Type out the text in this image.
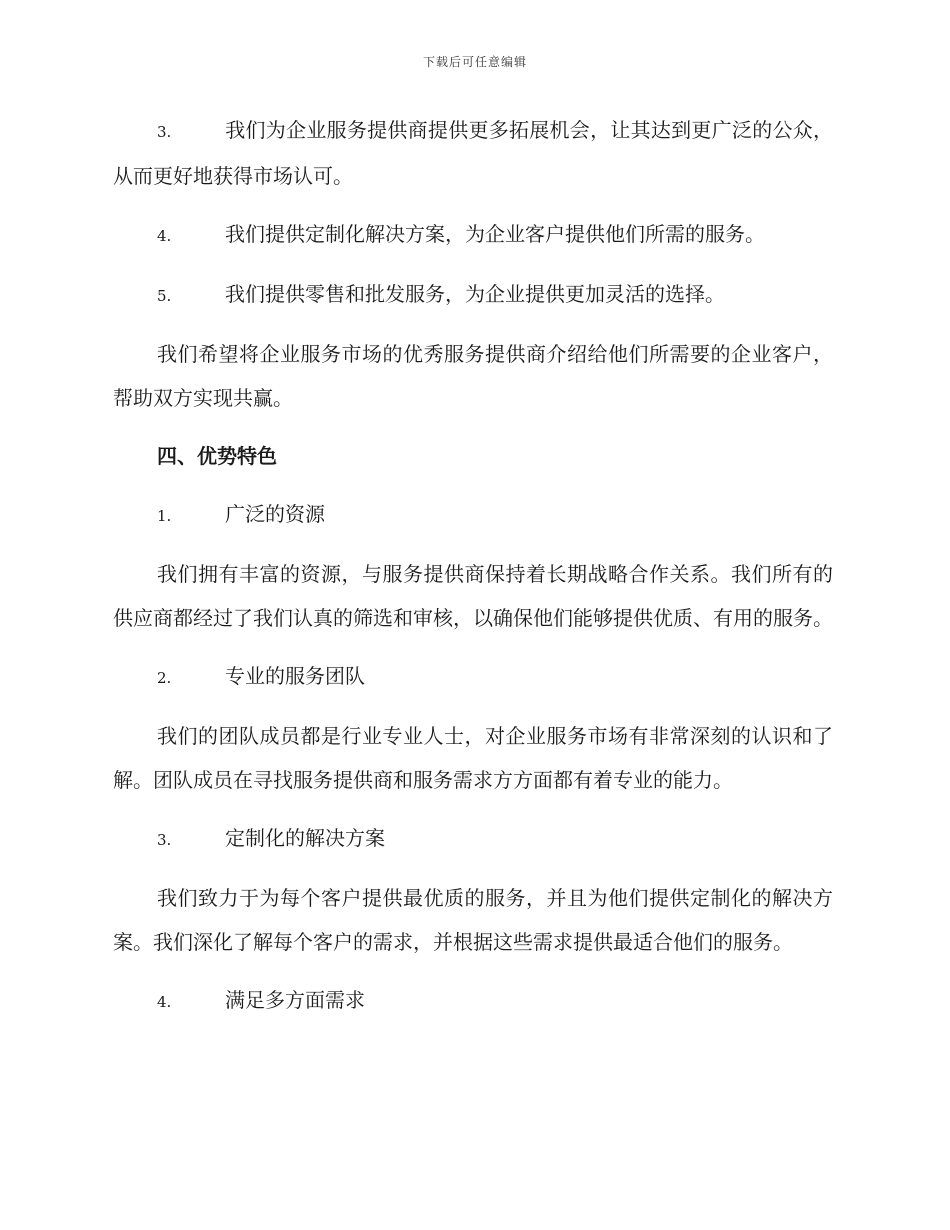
下载后可任意编辑
3.	我们为企业服务提供商提供更多拓展机会，让其达到更广泛的公众，从而更好地获得市场认可。
4.	我们提供定制化解决方案，为企业客户提供他们所需的服务。
5.	我们提供零售和批发服务，为企业提供更加灵活的选择。

我们希望将企业服务市场的优秀服务提供商介绍给他们所需要的企业客户，帮助双方实现共赢。

四、优势特色
1.	广泛的资源

我们拥有丰富的资源，与服务提供商保持着长期战略合作关系。我们所有的供应商都经过了我们认真的筛选和审核，以确保他们能够提供优质、有用的服务。

2.	专业的服务团队

我们的团队成员都是行业专业人士，对企业服务市场有非常深刻的认识和了解。团队成员在寻找服务提供商和服务需求方方面都有着专业的能力。

3.	定制化的解决方案

我们致力于为每个客户提供最优质的服务，并且为他们提供定制化的解决方案。我们深化了解每个客户的需求，并根据这些需求提供最适合他们的服务。

4.	满足多方面需求
